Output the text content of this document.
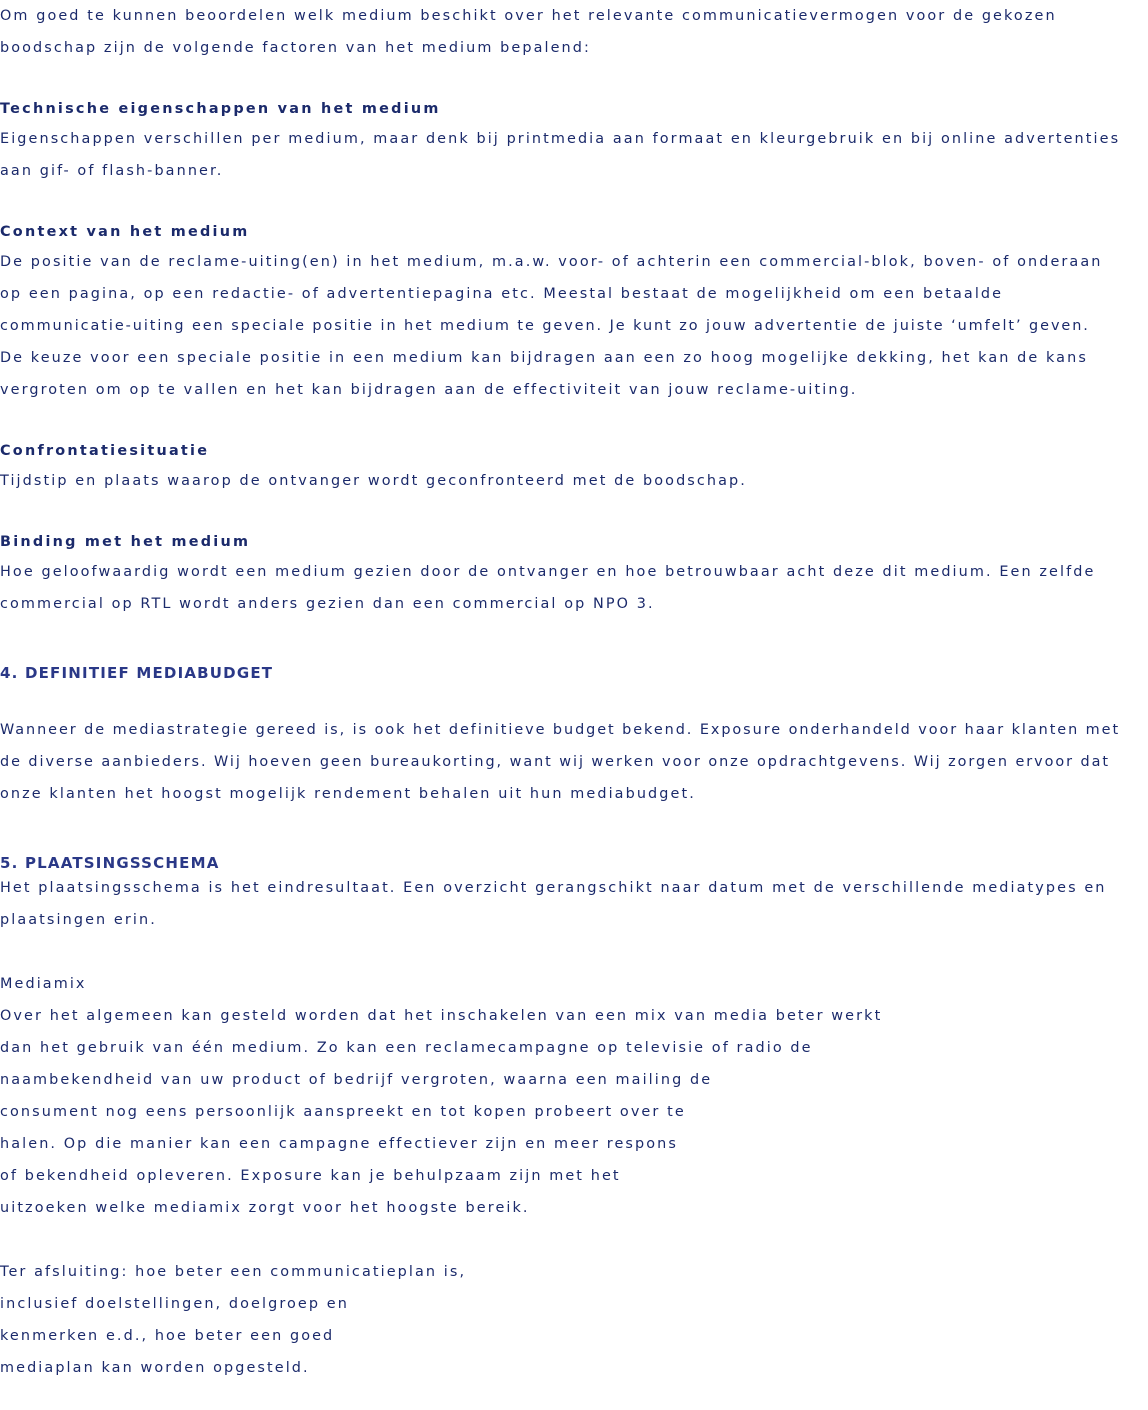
Om goed te kunnen beoordelen welk medium beschikt over het relevante communicatievermogen voor de gekozen
boodschap zijn de volgende factoren van het medium bepalend:
Technische eigenschappen van het medium
Eigenschappen verschillen per medium, maar denk bij printmedia aan formaat en kleurgebruik en bij online advertenties
aan gif- of flash-banner.
Context van het medium
De positie van de reclame-uiting(en) in het medium, m.a.w. voor- of achterin een commercial-blok, boven- of onderaan
op een pagina, op een redactie- of advertentiepagina etc. Meestal bestaat de mogelijkheid om een betaalde
communicatie-uiting een speciale positie in het medium te geven. Je kunt zo jouw advertentie de juiste ‘umfelt’ geven.
De keuze voor een speciale positie in een medium kan bijdragen aan een zo hoog mogelijke dekking, het kan de kans
vergroten om op te vallen en het kan bijdragen aan de effectiviteit van jouw reclame-uiting.
Confrontatiesituatie
Tijdstip en plaats waarop de ontvanger wordt geconfronteerd met de boodschap.
Binding met het medium
Hoe geloofwaardig wordt een medium gezien door de ontvanger en hoe betrouwbaar acht deze dit medium. Een zelfde
commercial op RTL wordt anders gezien dan een commercial op NPO 3.
4. DEFINITIEF MEDIABUDGET
Wanneer de mediastrategie gereed is, is ook het definitieve budget bekend. Exposure onderhandeld voor haar klanten met
de diverse aanbieders. Wij hoeven geen bureaukorting, want wij werken voor onze opdrachtgevens. Wij zorgen ervoor dat
onze klanten het hoogst mogelijk rendement behalen uit hun mediabudget.
5. PLAATSINGSSCHEMA
Het plaatsingsschema is het eindresultaat. Een overzicht gerangschikt naar datum met de verschillende mediatypes en
plaatsingen erin.
Mediamix
Over het algemeen kan gesteld worden dat het inschakelen van een mix van media beter werkt
dan het gebruik van één medium. Zo kan een reclamecampagne op televisie of radio de
naambekendheid van uw product of bedrijf vergroten, waarna een mailing de
consument nog eens persoonlijk aanspreekt en tot kopen probeert over te
halen. Op die manier kan een campagne effectiever zijn en meer respons
of bekendheid opleveren. Exposure kan je behulpzaam zijn met het
uitzoeken welke mediamix zorgt voor het hoogste bereik.
Ter afsluiting: hoe beter een communicatieplan is,
inclusief doelstellingen, doelgroep en
kenmerken e.d., hoe beter een goed
mediaplan kan worden opgesteld.
